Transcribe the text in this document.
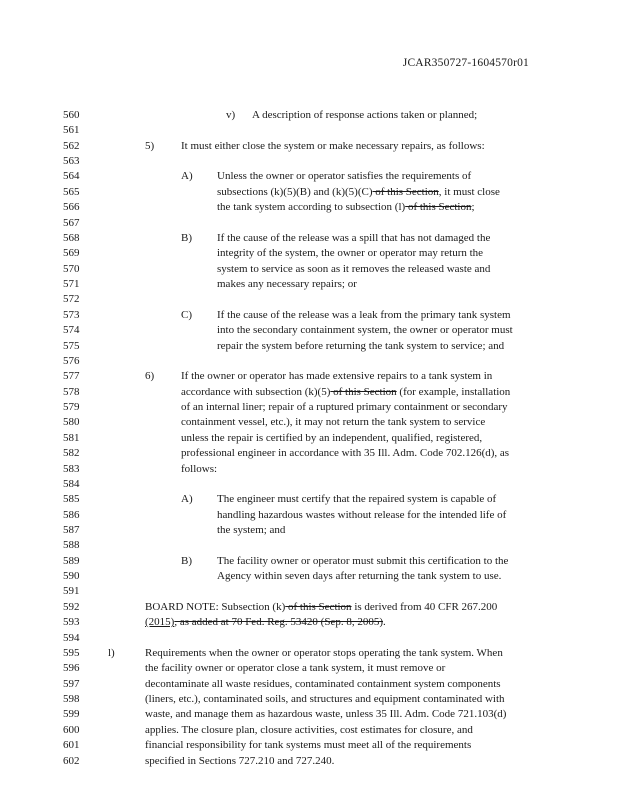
JCAR350727-1604570r01
560	v) A description of response actions taken or planned;
561
562	5) It must either close the system or make necessary repairs, as follows:
563
564	A) Unless the owner or operator satisfies the requirements of
565	subsections (k)(5)(B) and (k)(5)(C) of this Section, it must close
566	the tank system according to subsection (l) of this Section;
567
568	B) If the cause of the release was a spill that has not damaged the
569	integrity of the system, the owner or operator may return the
570	system to service as soon as it removes the released waste and
571	makes any necessary repairs; or
572
573	C) If the cause of the release was a leak from the primary tank system
574	into the secondary containment system, the owner or operator must
575	repair the system before returning the tank system to service; and
576
577	6) If the owner or operator has made extensive repairs to a tank system in
578	accordance with subsection (k)(5) of this Section (for example, installation
579	of an internal liner; repair of a ruptured primary containment or secondary
580	containment vessel, etc.), it may not return the tank system to service
581	unless the repair is certified by an independent, qualified, registered,
582	professional engineer in accordance with 35 Ill. Adm. Code 702.126(d), as
583	follows:
584
585	A) The engineer must certify that the repaired system is capable of
586	handling hazardous wastes without release for the intended life of
587	the system; and
588
589	B) The facility owner or operator must submit this certification to the
590	Agency within seven days after returning the tank system to use.
591
592	BOARD NOTE: Subsection (k) of this Section is derived from 40 CFR 267.200
593	(2015), as added at 70 Fed. Reg. 53420 (Sep. 8, 2005).
594
595	l)	Requirements when the owner or operator stops operating the tank system. When
596	the facility owner or operator close a tank system, it must remove or
597	decontaminate all waste residues, contaminated containment system components
598	(liners, etc.), contaminated soils, and structures and equipment contaminated with
599	waste, and manage them as hazardous waste, unless 35 Ill. Adm. Code 721.103(d)
600	applies. The closure plan, closure activities, cost estimates for closure, and
601	financial responsibility for tank systems must meet all of the requirements
602	specified in Sections 727.210 and 727.240.
